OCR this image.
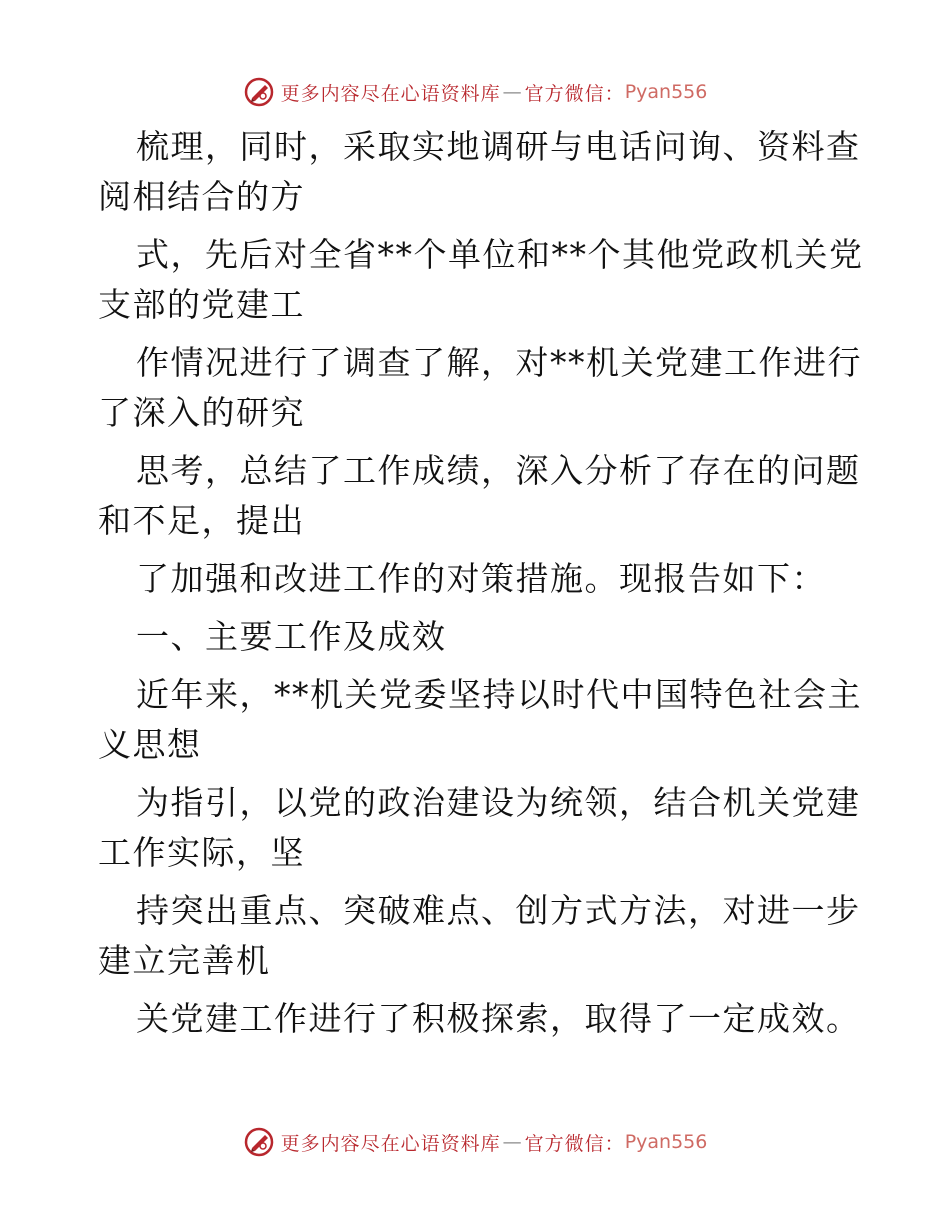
更多内容尽在心语资料库 — 官方微信： Pyan556
梳理，同时，采取实地调研与电话问询、资料查
阅相结合的方
式，先后对全省**个单位和**个其他党政机关党
支部的党建工
作情况进行了调查了解，对**机关党建工作进行
了深入的研究
思考，总结了工作成绩，深入分析了存在的问题
和不足，提出
了加强和改进工作的对策措施。现报告如下：
一、主要工作及成效
近年来，**机关党委坚持以时代中国特色社会主
义思想
为指引，以党的政治建设为统领，结合机关党建
工作实际，坚
持突出重点、突破难点、创方式方法，对进一步
建立完善机
关党建工作进行了积极探索，取得了一定成效。
更多内容尽在心语资料库 — 官方微信： Pyan556
